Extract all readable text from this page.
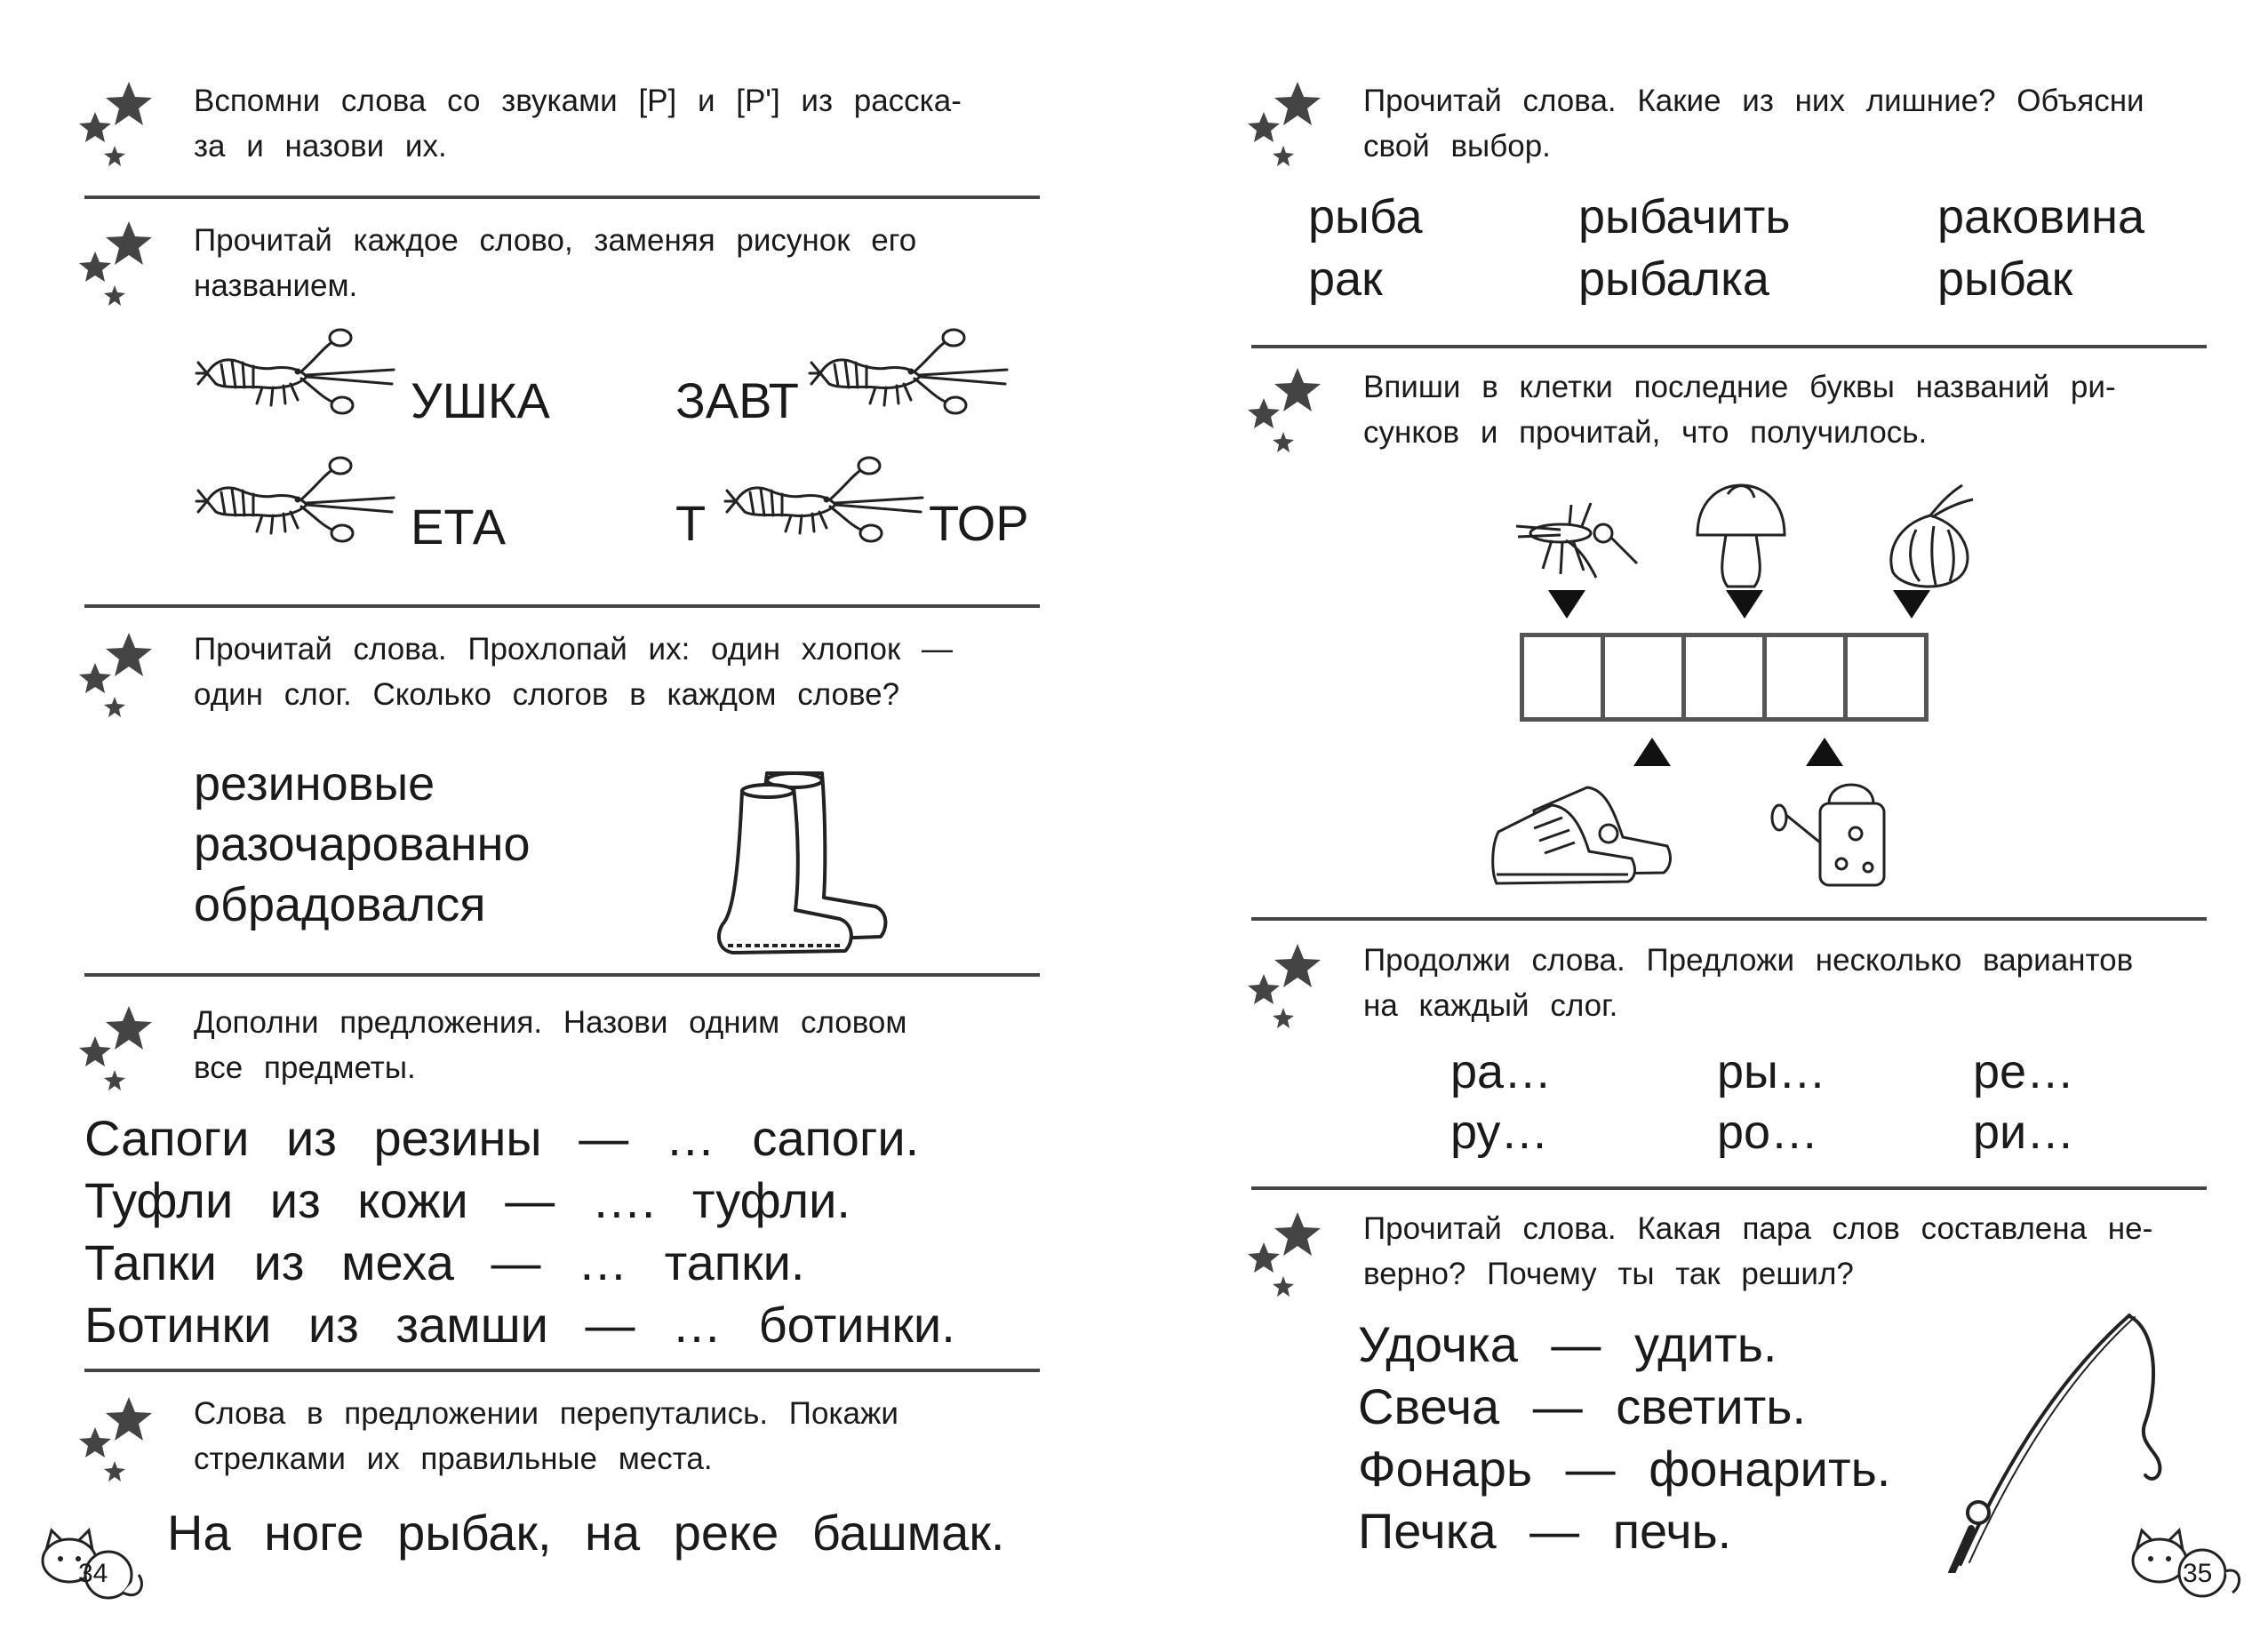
Вспомни слова со звуками [Р] и [Р'] из расска-
за и назови их.
Прочитай каждое слово, заменяя рисунок его
названием.
УШКА	ЗАВТ
ЕТА	Т	ТОР
Прочитай слова. Прохлопай их: один хлопок —
один слог. Сколько слогов в каждом слове?
резиновые
разочарованно
обрадовался
Дополни предложения. Назови одним словом
все предметы.
Сапоги из резины — … сапоги.
Туфли из кожи — …. туфли.
Тапки из меха — … тапки.
Ботинки из замши — … ботинки.
Слова в предложении перепутались. Покажи
стрелками их правильные места.
На ноге рыбак, на реке башмак.
34
Прочитай слова. Какие из них лишние? Объясни
свой выбор.
рыба	рыбачить	раковина
рак	рыбалка	рыбак
Впиши в клетки последние буквы названий ри-
сунков и прочитай, что получилось.
Продолжи слова. Предложи несколько вариантов
на каждый слог.
ра…	ры…	ре…
ру…	ро…	ри…
Прочитай слова. Какая пара слов составлена не-
верно? Почему ты так решил?
Удочка — удить.
Свеча — светить.
Фонарь — фонарить.
Печка — печь.
35
